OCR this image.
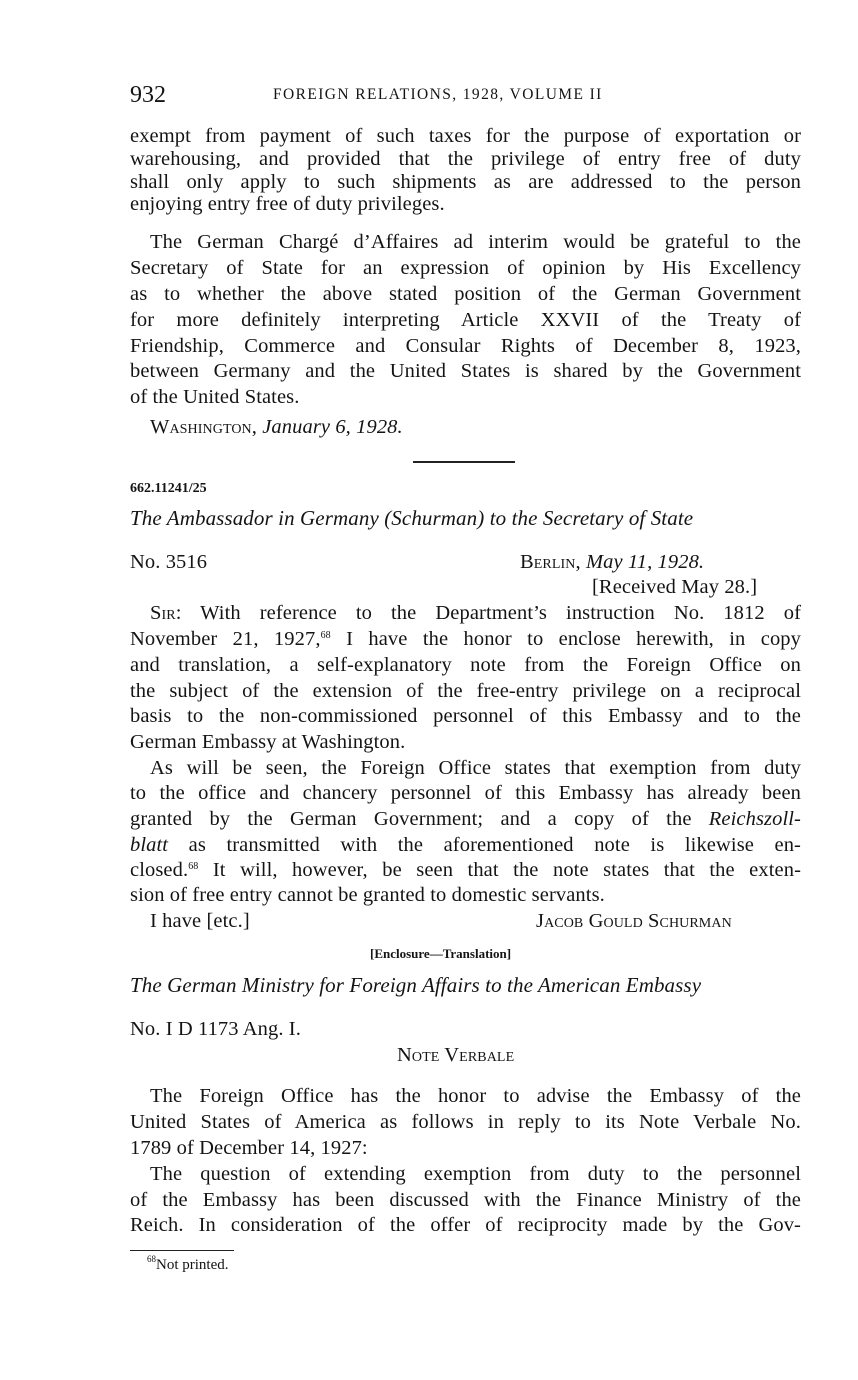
932	FOREIGN RELATIONS, 1928, VOLUME II

exempt from payment of such taxes for the purpose of exportation or

warehousing, and provided that the privilege of entry free of duty

shall only apply to such shipments as are addressed to the person

enjoying entry free of duty privileges.

The German Chargé d’Affaires ad interim would be grateful to the

Secretary of State for an expression of opinion by His Excellency

as to whether the above stated position of the German Government

for more definitely interpreting Article XXVII of the Treaty of

Friendship, Commerce and Consular Rights of December 8, 1923,

between Germany and the United States is shared by the Government

of the United States.

Washington, January 6, 1928.
662.11241/25
The Ambassador in Germany (Schurman) to the Secretary of State
No. 3516	Berlin, May 11, 1928.
[Received May 28.]

Sir: With reference to the Department’s instruction No. 1812 of

November 21, 1927,68 I have the honor to enclose herewith, in copy

and translation, a self-explanatory note from the Foreign Office on

the subject of the extension of the free-entry privilege on a reciprocal

basis to the non-commissioned personnel of this Embassy and to the

German Embassy at Washington.

As will be seen, the Foreign Office states that exemption from duty

to the office and chancery personnel of this Embassy has already been

granted by the German Government; and a copy of the Reichszoll-

blatt as transmitted with the aforementioned note is likewise en-

closed.$^{68}$ It will, however, be seen that the note states that the exten-

sion of free entry cannot be granted to domestic servants.

I have [etc.]	Jacob Gould Schurman
[Enclosure—Translation]
The German Ministry for Foreign Affairs to the American Embassy
No. I D 1173 Ang. I.
Note Verbale

The Foreign Office has the honor to advise the Embassy of the

United States of America as follows in reply to its Note Verbale No.

1789 of December 14, 1927:

The question of extending exemption from duty to the personnel

of the Embassy has been discussed with the Finance Ministry of the

Reich. In consideration of the offer of reciprocity made by the Gov-

$^{68}$Not printed.
